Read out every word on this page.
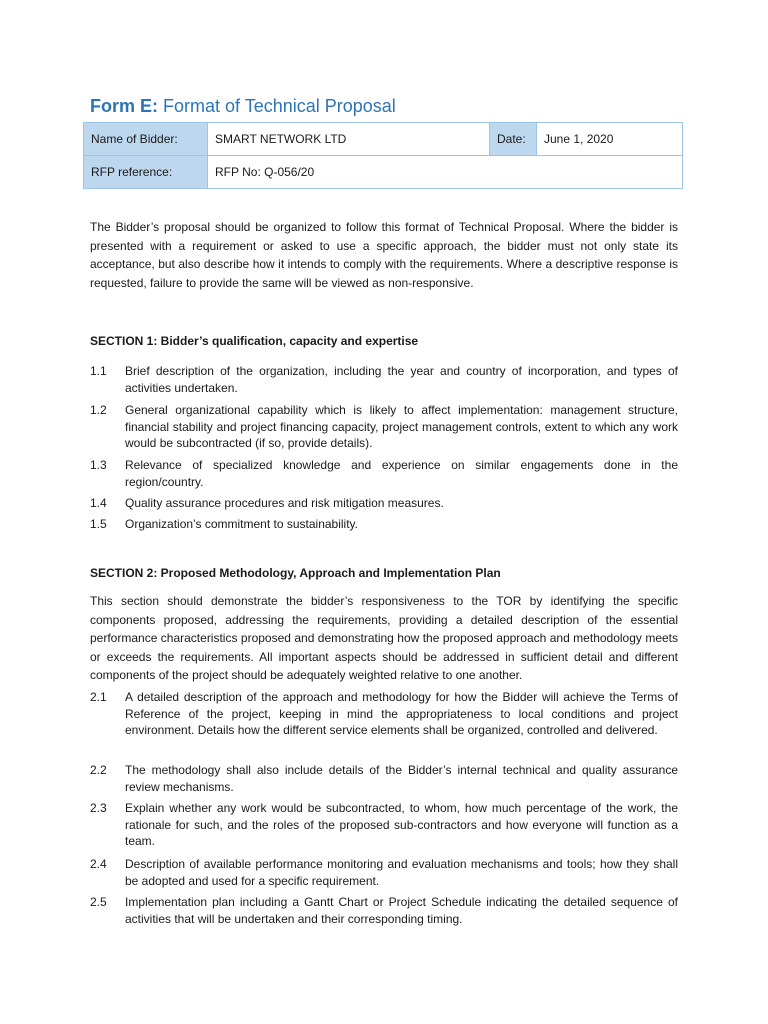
Form E: Format of Technical Proposal
Name of Bidder:	SMART NETWORK LTD	Date:	June 1, 2020
RFP reference:	RFP No: Q-056/20		

The Bidder’s proposal should be organized to follow this format of Technical Proposal. Where the bidder is presented with a requirement or asked to use a specific approach, the bidder must not only state its acceptance, but also describe how it intends to comply with the requirements. Where a descriptive response is requested, failure to provide the same will be viewed as non-responsive.

SECTION 1: Bidder’s qualification, capacity and expertise

1.1 Brief description of the organization, including the year and country of incorporation, and types of activities undertaken.
1.2 General organizational capability which is likely to affect implementation: management structure, financial stability and project financing capacity, project management controls, extent to which any work would be subcontracted (if so, provide details).
1.3 Relevance of specialized knowledge and experience on similar engagements done in the region/country.
1.4 Quality assurance procedures and risk mitigation measures.
1.5 Organization’s commitment to sustainability.

SECTION 2: Proposed Methodology, Approach and Implementation Plan

This section should demonstrate the bidder’s responsiveness to the TOR by identifying the specific components proposed, addressing the requirements, providing a detailed description of the essential performance characteristics proposed and demonstrating how the proposed approach and methodology meets or exceeds the requirements. All important aspects should be addressed in sufficient detail and different components of the project should be adequately weighted relative to one another.

2.1 A detailed description of the approach and methodology for how the Bidder will achieve the Terms of Reference of the project, keeping in mind the appropriateness to local conditions and project environment. Details how the different service elements shall be organized, controlled and delivered.
2.2 The methodology shall also include details of the Bidder’s internal technical and quality assurance review mechanisms.
2.3 Explain whether any work would be subcontracted, to whom, how much percentage of the work, the rationale for such, and the roles of the proposed sub-contractors and how everyone will function as a team.
2.4 Description of available performance monitoring and evaluation mechanisms and tools; how they shall be adopted and used for a specific requirement.
2.5 Implementation plan including a Gantt Chart or Project Schedule indicating the detailed sequence of activities that will be undertaken and their corresponding timing.
